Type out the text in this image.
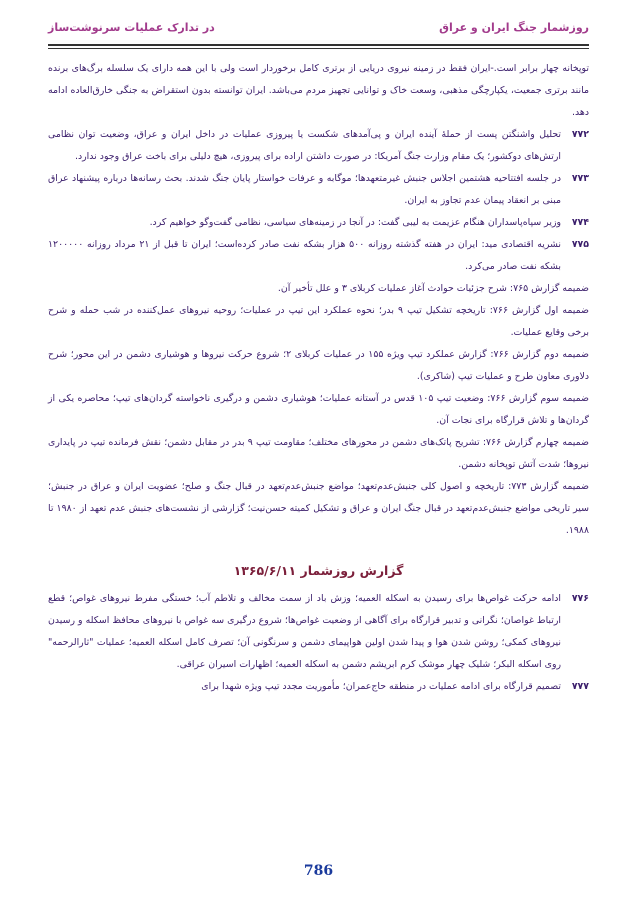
روزشمار جنگ ایران و عراق
در تدارک عملیات سرنوشت‌ساز

توپخانه چهار برابر است.-ایران فقط در زمینه نیروی دریایی از برتری کامل برخوردار است ولی با این همه دارای یک سلسله برگ‌های برنده مانند برتری جمعیت، یکپارچگی مذهبی، وسعت خاک و توانایی تجهیز مردم می‌باشد. ایران توانسته بدون استقراض به جنگی خارق‌العاده ادامه دهد.

۷۷۲
تحلیل واشنگتن پست از حملهٔ آینده ایران و پی‌آمدهای شکست یا پیروزی عملیات در داخل ایران و عراق، وضعیت توان نظامی ارتش‌های دوکشور؛ یک مقام وزارت جنگ آمریکا: در صورت داشتن اراده برای پیروزی، هیچ دلیلی برای باخت عراق وجود ندارد.
۷۷۳
در جلسه افتتاحیه هشتمین اجلاس جنبش غیرمتعهدها؛ موگابه و عرفات خواستار پایان جنگ شدند. بحث رسانه‌ها درباره پیشنهاد عراق مبنی بر انعقاد پیمان عدم تجاوز به ایران.
۷۷۴
وزیر سپاه‌پاسداران هنگام عزیمت به لیبی گفت: در آنجا در زمینه‌های سیاسی، نظامی گفت‌وگو خواهیم کرد.
۷۷۵
نشریه اقتصادی مید: ایران در هفته گذشته روزانه ۵۰۰ هزار بشکه نفت صادر کرده‌است؛ ایران تا قبل از ۲۱ مرداد روزانه ۱۲۰۰۰۰۰ بشکه نفت صادر می‌کرد.

ضمیمه گزارش ۷۶۵: شرح جزئیات حوادث آغاز عملیات کربلای ۳ و علل تأخیر آن.

ضمیمه اول گزارش ۷۶۶: تاریخچه تشکیل تیپ ۹ بدر؛ نحوه عملکرد این تیپ در عملیات؛ روحیه نیروهای عمل‌کننده در شب حمله و شرح برخی وقایع عملیات.

ضمیمه دوم گزارش ۷۶۶: گزارش عملکرد تیپ ویژه ۱۵۵ در عملیات کربلای ۲؛ شروع حرکت نیروها و هوشیاری دشمن در این محور؛ شرح دلاوری معاون طرح و عملیات تیپ (شاکری).

ضمیمه سوم گزارش ۷۶۶: وضعیت تیپ ۱۰۵ قدس در آستانه عملیات؛ هوشیاری دشمن و درگیری ناخواسته گردان‌های تیپ؛ محاصره یکی از گردان‌ها و تلاش قرارگاه برای نجات آن.

ضمیمه چهارم گزارش ۷۶۶: تشریح پاتک‌های دشمن در محورهای مختلف؛ مقاومت تیپ ۹ بدر در مقابل دشمن؛ نقش فرمانده تیپ در پایداری نیروها؛ شدت آتش توپخانه دشمن.

ضمیمه گزارش ۷۷۳: تاریخچه و اصول کلی جنبش‌عدم‌تعهد؛ مواضع جنبش‌عدم‌تعهد در قبال جنگ و صلح؛ عضویت ایران و عراق در جنبش؛ سیر تاریخی مواضع جنبش‌عدم‌تعهد در قبال جنگ ایران و عراق و تشکیل کمیته حسن‌نیت؛ گزارشی از نشست‌های جنبش عدم تعهد از ۱۹۸۰ تا ۱۹۸۸.

گزارش روزشمار ۱۳۶۵/۶/۱۱
۷۷۶
ادامه حرکت غواص‌ها برای رسیدن به اسکله العمیه؛ وزش باد از سمت مخالف و تلاطم آب؛ خستگی مفرط نیروهای غواص؛ قطع ارتباط غواصان؛ نگرانی و تدبیر قرارگاه برای آگاهی از وضعیت غواص‌ها؛ شروع درگیری سه غواص با نیروهای محافظ اسکله و رسیدن نیروهای کمکی؛ روشن شدن هوا و پیدا شدن اولین هواپیمای دشمن و سرنگونی آن؛ تصرف کامل اسکله العمیه؛ عملیات "ثارالرحمه" روی اسکله البکر؛ شلیک چهار موشک کرم ابریشم دشمن به اسکله العمیه؛ اظهارات اسیران عراقی.
۷۷۷
تصمیم قرارگاه برای ادامه عملیات در منطقه حاج‌عمران؛ مأموریت مجدد تیپ ویژه شهدا برای
786
